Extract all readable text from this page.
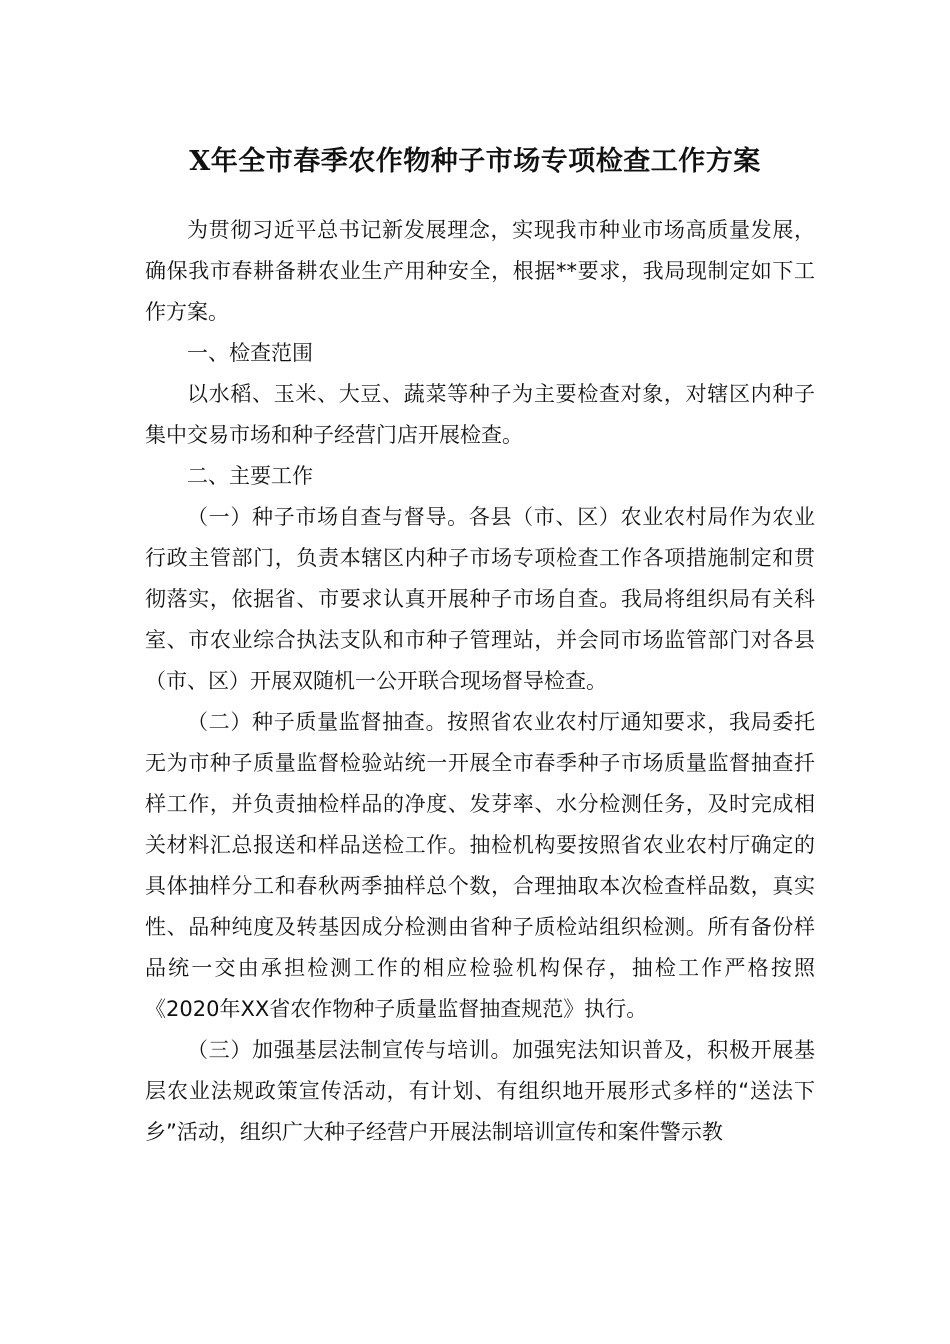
X年全市春季农作物种子市场专项检查工作方案

为贯彻习近平总书记新发展理念，实现我市种业市场高质量发展，确保我市春耕备耕农业生产用种安全，根据**要求，我局现制定如下工作方案。

一、检查范围

以水稻、玉米、大豆、蔬菜等种子为主要检查对象，对辖区内种子集中交易市场和种子经营门店开展检查。

二、主要工作

（一）种子市场自查与督导。各县（市、区）农业农村局作为农业行政主管部门，负责本辖区内种子市场专项检查工作各项措施制定和贯彻落实，依据省、市要求认真开展种子市场自查。我局将组织局有关科室、市农业综合执法支队和市种子管理站，并会同市场监管部门对各县（市、区）开展双随机一公开联合现场督导检查。

（二）种子质量监督抽查。按照省农业农村厅通知要求，我局委托无为市种子质量监督检验站统一开展全市春季种子市场质量监督抽查扦样工作，并负责抽检样品的净度、发芽率、水分检测任务，及时完成相关材料汇总报送和样品送检工作。抽检机构要按照省农业农村厅确定的具体抽样分工和春秋两季抽样总个数，合理抽取本次检查样品数，真实性、品种纯度及转基因成分检测由省种子质检站组织检测。所有备份样品统一交由承担检测工作的相应检验机构保存，抽检工作严格按照《2020年XX省农作物种子质量监督抽查规范》执行。

（三）加强基层法制宣传与培训。加强宪法知识普及，积极开展基层农业法规政策宣传活动，有计划、有组织地开展形式多样的“送法下乡”活动，组织广大种子经营户开展法制培训宣传和案件警示教
